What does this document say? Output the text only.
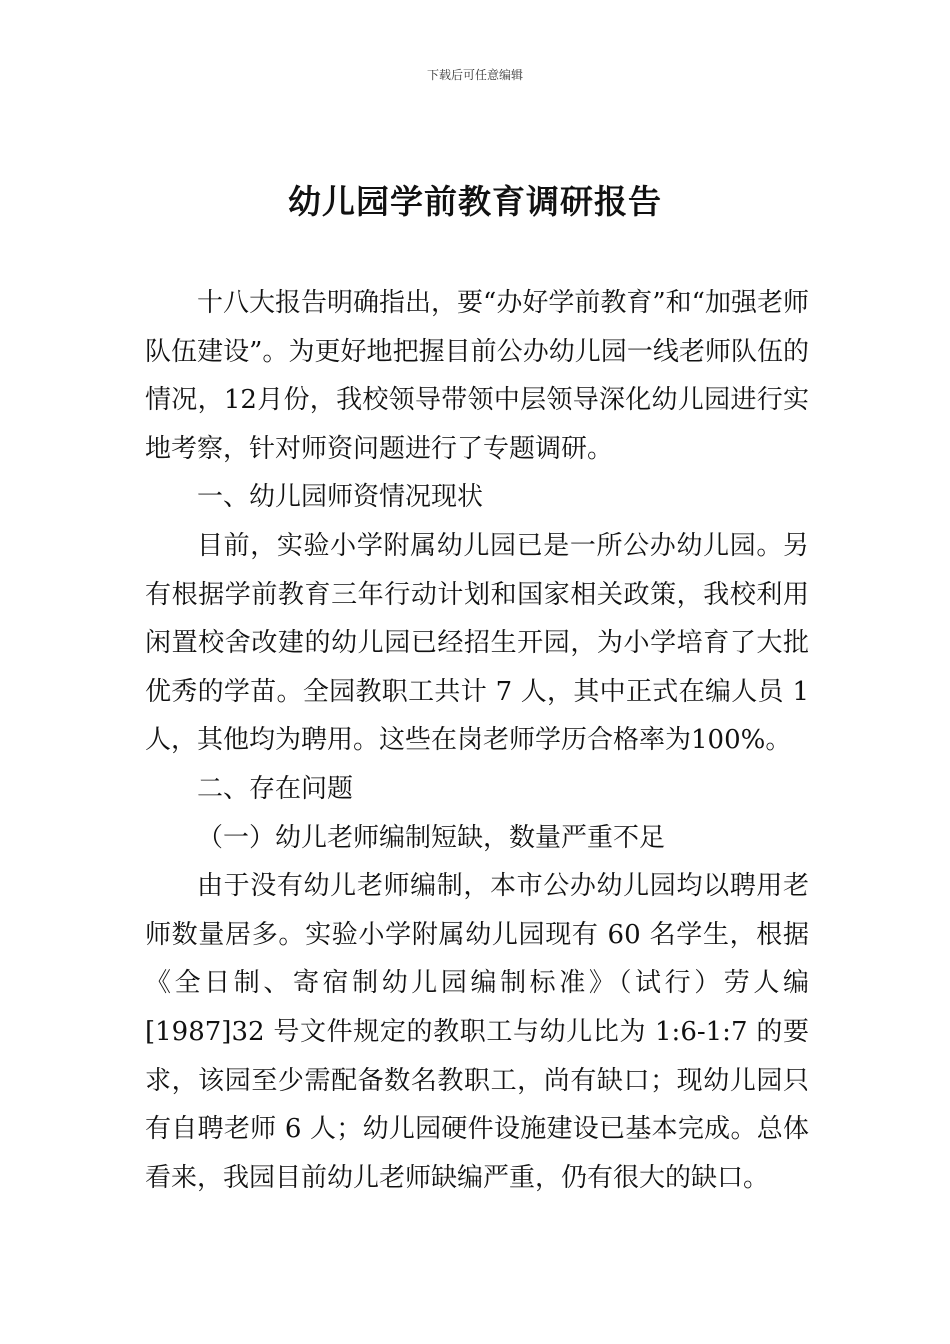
下载后可任意编辑
幼儿园学前教育调研报告

十八大报告明确指出，要“办好学前教育”和“加强老师队伍建设”。为更好地把握目前公办幼儿园一线老师队伍的情况，12月份，我校领导带领中层领导深化幼儿园进行实地考察，针对师资问题进行了专题调研。

一、幼儿园师资情况现状

目前，实验小学附属幼儿园已是一所公办幼儿园。另有根据学前教育三年行动计划和国家相关政策，我校利用闲置校舍改建的幼儿园已经招生开园，为小学培育了大批优秀的学苗。全园教职工共计 7 人，其中正式在编人员 1人，其他均为聘用。这些在岗老师学历合格率为100%。

二、存在问题

（一）幼儿老师编制短缺，数量严重不足

由于没有幼儿老师编制，本市公办幼儿园均以聘用老师数量居多。实验小学附属幼儿园现有 60 名学生，根据《全日制、寄宿制幼儿园编制标准》（试行）劳人编[1987]32 号文件规定的教职工与幼儿比为 1:6-1:7 的要求，该园至少需配备数名教职工，尚有缺口；现幼儿园只有自聘老师 6 人；幼儿园硬件设施建设已基本完成。总体看来，我园目前幼儿老师缺编严重，仍有很大的缺口。
